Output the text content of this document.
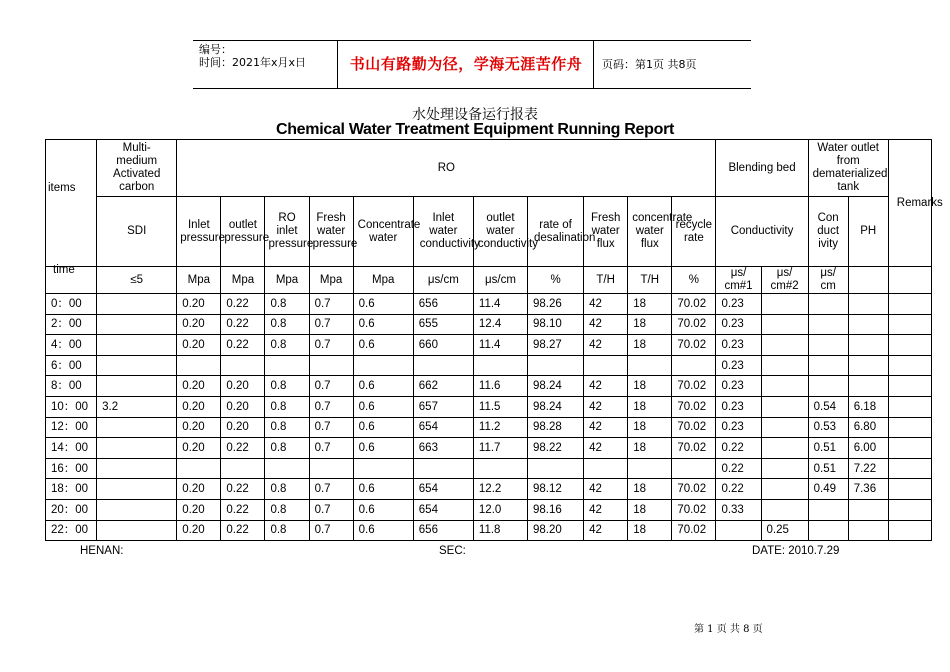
编号：
时间：2021年x月x日	书山有路勤为径，学海无涯苦作舟	页码：第1页 共8页
水处理设备运行报表
Chemical Water Treatment Equipment Running Report
items
time	Multi-medium Activated carbon	RO											Blending bed		Water outlet from dematerialized tank		Remarks
	SDI	Inlet pressure	outlet pressure	RO inlet pressure	Fresh water pressure	Concentrate water	Inlet water conductivity	outlet water conductivity	rate of desalination	Fresh water flux	concentrate water flux	recycle rate	Conductivity		Conductivity	PH	
	≤5	Mpa	Mpa	Mpa	Mpa	Mpa	μs/cm	μs/cm	%	T/H	T/H	%	μs/ cm#1	μs/ cm#2	μs/ cm		
0：00		0.20	0.22	0.8	0.7	0.6	656	11.4	98.26	42	18	70.02	0.23				
2：00		0.20	0.22	0.8	0.7	0.6	655	12.4	98.10	42	18	70.02	0.23				
4：00		0.20	0.22	0.8	0.7	0.6	660	11.4	98.27	42	18	70.02	0.23				
6：00													0.23				
8：00		0.20	0.20	0.8	0.7	0.6	662	11.6	98.24	42	18	70.02	0.23				
10：00	3.2	0.20	0.20	0.8	0.7	0.6	657	11.5	98.24	42	18	70.02	0.23		0.54	6.18	
12：00		0.20	0.20	0.8	0.7	0.6	654	11.2	98.28	42	18	70.02	0.23		0.53	6.80	
14：00		0.20	0.22	0.8	0.7	0.6	663	11.7	98.22	42	18	70.02	0.22		0.51	6.00	
16：00													0.22		0.51	7.22	
18：00		0.20	0.22	0.8	0.7	0.6	654	12.2	98.12	42	18	70.02	0.22		0.49	7.36	
20：00		0.20	0.22	0.8	0.7	0.6	654	12.0	98.16	42	18	70.02	0.33				
22：00		0.20	0.22	0.8	0.7	0.6	656	11.8	98.20	42	18	70.02		0.25			
HENAN:	SEC:	DATE: 2010.7.29
第 1 页 共 8 页
